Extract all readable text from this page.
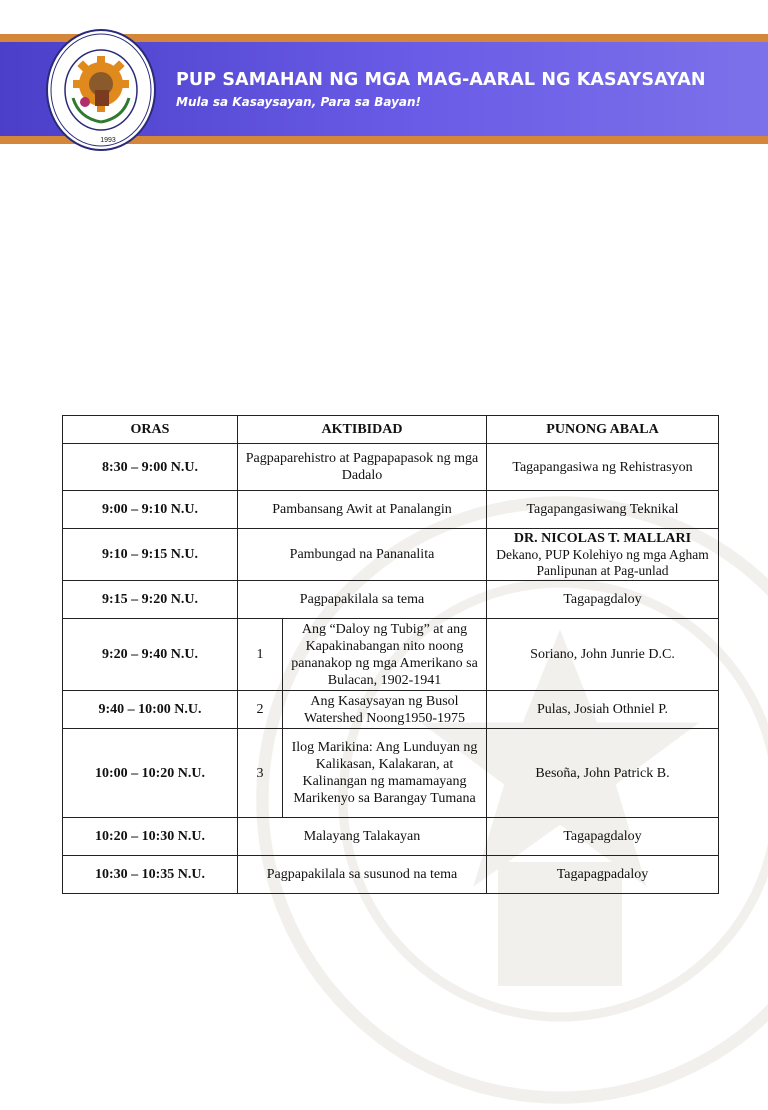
1993
PUP SAMAHAN NG MGA MAG-AARAL NG KASAYSAYAN
Mula sa Kasaysayan, Para sa Bayan!
ORAS	AKTIBIDAD		PUNONG ABALA
8:30 – 9:00 N.U.	Pagpaparehistro at Pagpapapasok ng mga Dadalo		Tagapangasiwa ng Rehistrasyon
9:00 – 9:10 N.U.	Pambansang Awit at Panalangin		Tagapangasiwang Teknikal
9:10 – 9:15 N.U.	Pambungad na Pananalita		DR. NICOLAS T. MALLARI
Dekano, PUP Kolehiyo ng mga Agham Panlipunan at Pag-unlad

9:15 – 9:20 N.U.	Pagpapakilala sa tema		Tagapagdaloy
9:20 – 9:40 N.U.	1	Ang “Daloy ng Tubig” at ang Kapakinabangan nito noong pananakop ng mga Amerikano sa Bulacan, 1902-1941	Soriano, John Junrie D.C.
9:40 – 10:00 N.U.	2	Ang Kasaysayan ng Busol Watershed Noong1950-1975	Pulas, Josiah Othniel P.
10:00 – 10:20 N.U.	3	Ilog Marikina: Ang Lunduyan ng Kalikasan, Kalakaran, at Kalinangan ng mamamayang Marikenyo sa Barangay Tumana	Besoña, John Patrick B.
10:20 – 10:30 N.U.	Malayang Talakayan		Tagapagdaloy
10:30 – 10:35 N.U.	Pagpapakilala sa susunod na tema		Tagapagpadaloy
